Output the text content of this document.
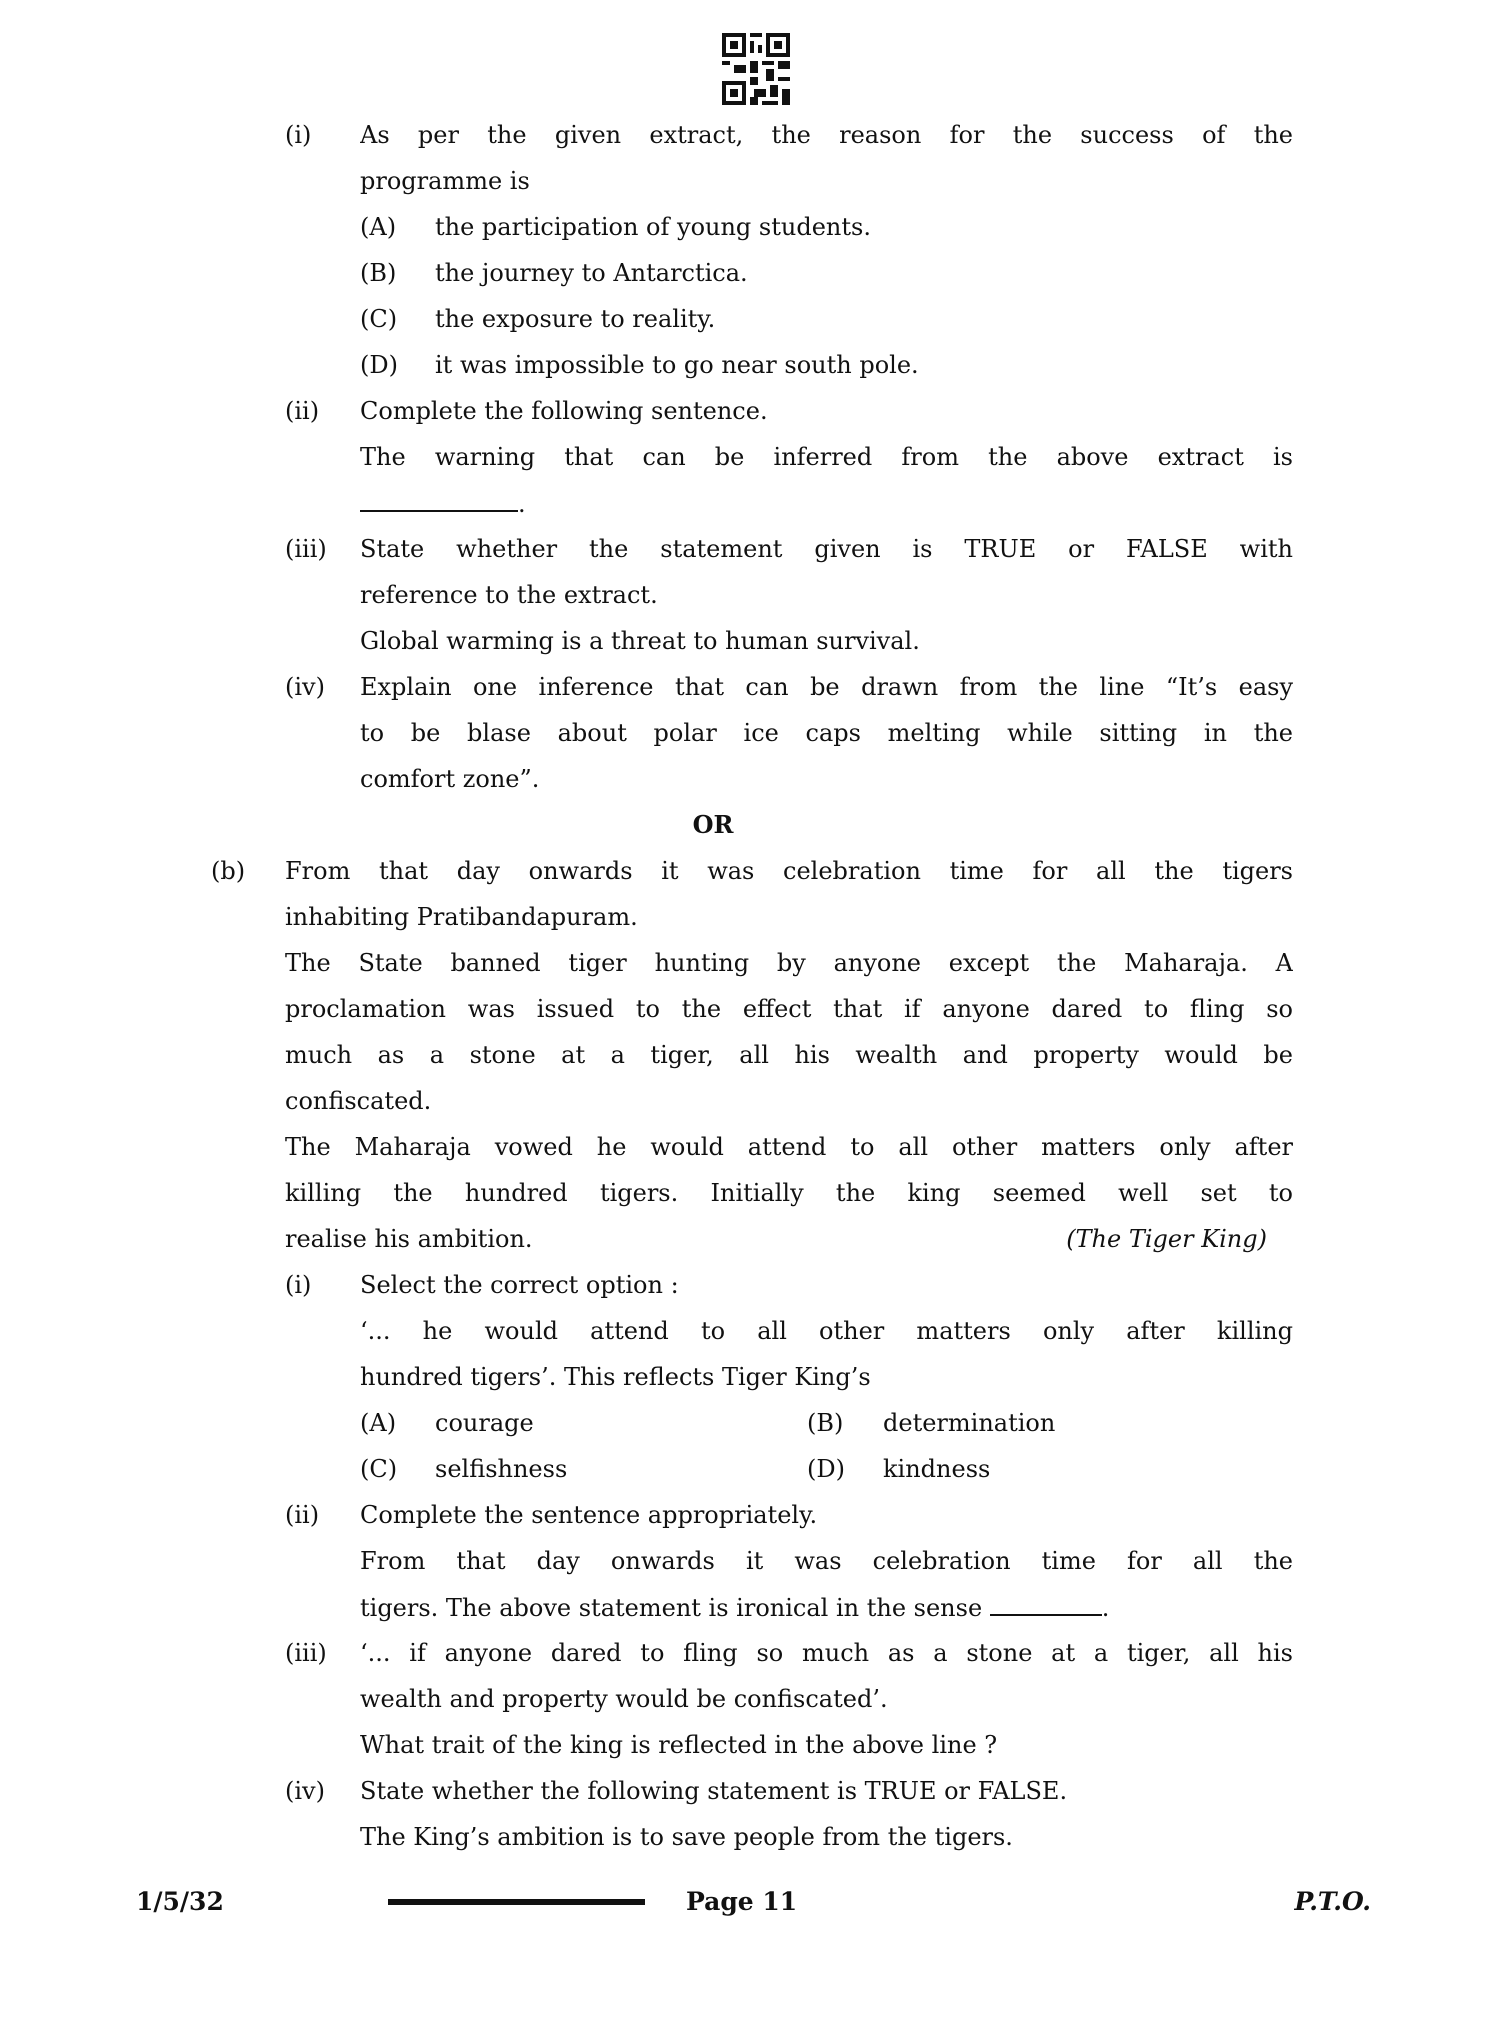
(i) As per the given extract, the reason for the success of the
programme is
(A) the participation of young students.
(B) the journey to Antarctica.
(C) the exposure to reality.
(D) it was impossible to go near south pole.
(ii) Complete the following sentence.
The warning that can be inferred from the above extract is
.
(iii) State whether the statement given is TRUE or FALSE with
reference to the extract.
Global warming is a threat to human survival.
(iv) Explain one inference that can be drawn from the line “It’s easy
to be blase about polar ice caps melting while sitting in the
comfort zone”.
OR
(b) From that day onwards it was celebration time for all the tigers
inhabiting Pratibandapuram.
The State banned tiger hunting by anyone except the Maharaja. A
proclamation was issued to the effect that if anyone dared to fling so
much as a stone at a tiger, all his wealth and property would be
confiscated.
The Maharaja vowed he would attend to all other matters only after
killing the hundred tigers. Initially the king seemed well set to
realise his ambition.	(The Tiger King)
(i) Select the correct option :
‘... he would attend to all other matters only after killing
hundred tigers’. This reflects Tiger King’s
(A) courage	(B) determination
(C) selfishness	(D) kindness
(ii) Complete the sentence appropriately.
From that day onwards it was celebration time for all the
tigers. The above statement is ironical in the sense	.
(iii) ‘... if anyone dared to fling so much as a stone at a tiger, all his
wealth and property would be confiscated’.
What trait of the king is reflected in the above line ?
(iv) State whether the following statement is TRUE or FALSE.
The King’s ambition is to save people from the tigers.
1/5/32	Page 11	P.T.O.
